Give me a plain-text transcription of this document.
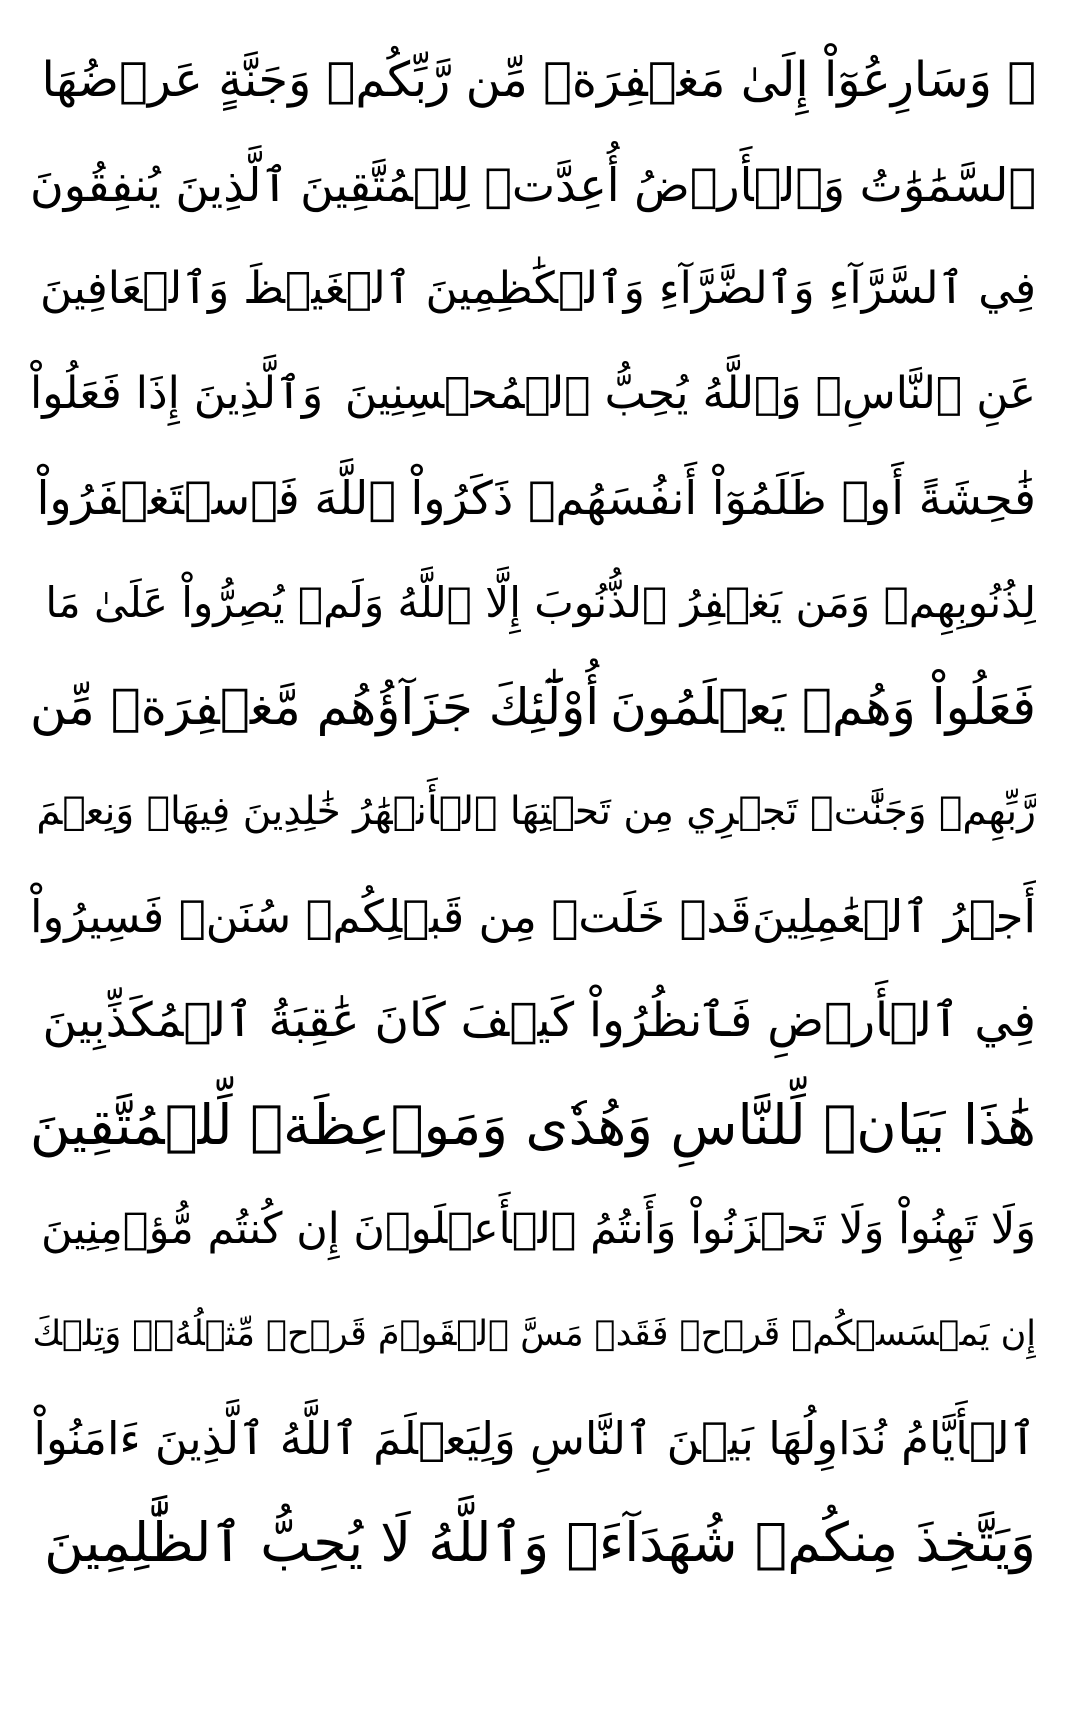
۞ وَسَارِعُوٓاْ إِلَىٰ مَغۡفِرَةٖ مِّن رَّبِّكُمۡ وَجَنَّةٍ عَرۡضُهَا
ٱلسَّمَٰوَٰتُ وَٱلۡأَرۡضُ أُعِدَّتۡ لِلۡمُتَّقِينَ
ٱلَّذِينَ يُنفِقُونَ
فِي ٱلسَّرَّآءِ وَٱلضَّرَّآءِ وَٱلۡكَٰظِمِينَ ٱلۡغَيۡظَ وَٱلۡعَافِينَ
عَنِ ٱلنَّاسِۗ وَٱللَّهُ يُحِبُّ ٱلۡمُحۡسِنِينَ
وَٱلَّذِينَ إِذَا فَعَلُواْ
فَٰحِشَةً أَوۡ ظَلَمُوٓاْ أَنفُسَهُمۡ ذَكَرُواْ ٱللَّهَ فَٱسۡتَغۡفَرُواْ
لِذُنُوبِهِمۡ وَمَن يَغۡفِرُ ٱلذُّنُوبَ إِلَّا ٱللَّهُ وَلَمۡ يُصِرُّواْ عَلَىٰ مَا
فَعَلُواْ وَهُمۡ يَعۡلَمُونَ
أُوْلَٰٓئِكَ جَزَآؤُهُم مَّغۡفِرَةٞ مِّن
رَّبِّهِمۡ وَجَنَّٰتٞ تَجۡرِي مِن تَحۡتِهَا ٱلۡأَنۡهَٰرُ خَٰلِدِينَ فِيهَاۚ وَنِعۡمَ
أَجۡرُ ٱلۡعَٰمِلِينَ
قَدۡ خَلَتۡ مِن قَبۡلِكُمۡ سُنَنٞ فَسِيرُواْ
فِي ٱلۡأَرۡضِ فَٱنظُرُواْ كَيۡفَ كَانَ عَٰقِبَةُ ٱلۡمُكَذِّبِينَ
هَٰذَا بَيَانٞ لِّلنَّاسِ وَهُدٗى وَمَوۡعِظَةٞ لِّلۡمُتَّقِينَ
وَلَا تَهِنُواْ وَلَا تَحۡزَنُواْ وَأَنتُمُ ٱلۡأَعۡلَوۡنَ إِن كُنتُم مُّؤۡمِنِينَ
إِن يَمۡسَسۡكُمۡ قَرۡحٞ فَقَدۡ مَسَّ ٱلۡقَوۡمَ قَرۡحٞ مِّثۡلُهُۥۚ وَتِلۡكَ
ٱلۡأَيَّامُ نُدَاوِلُهَا بَيۡنَ ٱلنَّاسِ وَلِيَعۡلَمَ ٱللَّهُ ٱلَّذِينَ ءَامَنُواْ
وَيَتَّخِذَ مِنكُمۡ شُهَدَآءَۗ وَٱللَّهُ لَا يُحِبُّ ٱلظَّٰلِمِينَ
